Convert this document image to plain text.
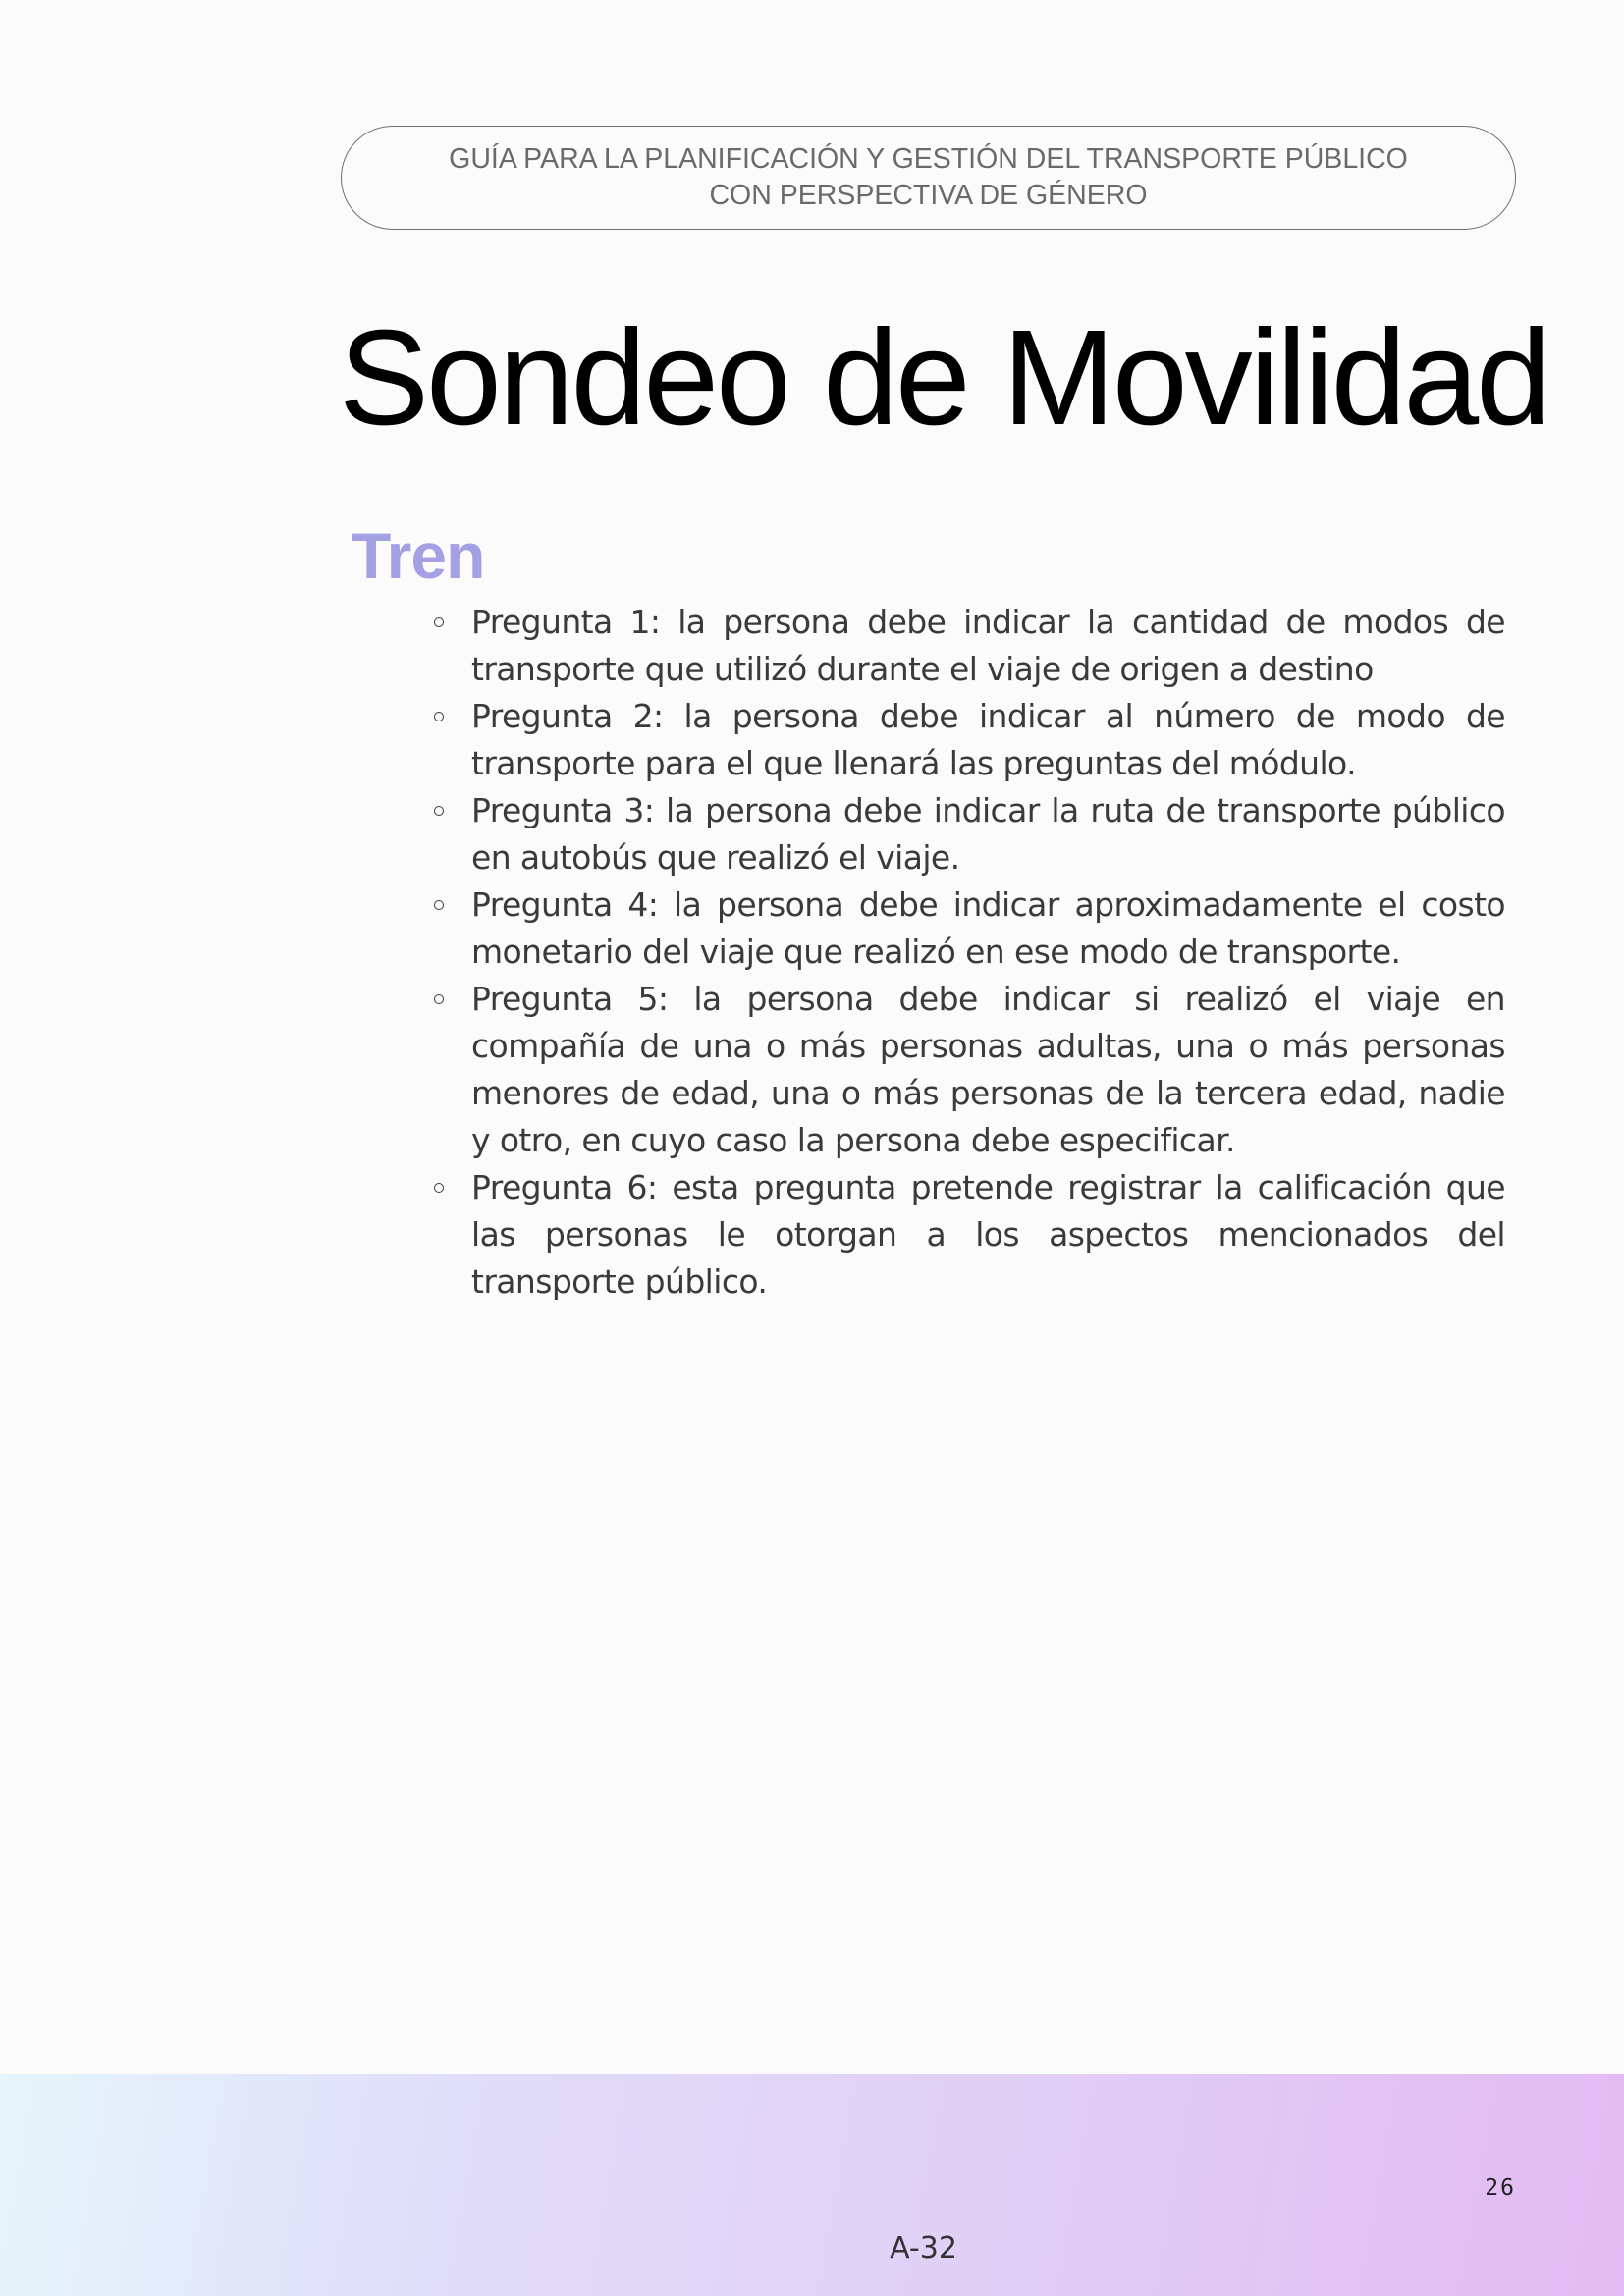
GUÍA PARA LA PLANIFICACIÓN Y GESTIÓN DEL TRANSPORTE PÚBLICO CON PERSPECTIVA DE GÉNERO
Sondeo de Movilidad
Tren
Pregunta 1: la persona debe indicar la cantidad de modos de transporte que utilizó durante el viaje de origen a destino
Pregunta 2: la persona debe indicar al número de modo de transporte para el que llenará las preguntas del módulo.
Pregunta 3: la persona debe indicar la ruta de transporte público en autobús que realizó el viaje.
Pregunta 4: la persona debe indicar aproximadamente el costo monetario del viaje que realizó en ese modo de transporte.
Pregunta 5: la persona debe indicar si realizó el viaje en compañía de una o más personas adultas, una o más personas menores de edad, una o más personas de la tercera edad, nadie y otro, en cuyo caso la persona debe especificar.
Pregunta 6: esta pregunta pretende registrar la calificación que las personas le otorgan a los aspectos mencionados del transporte público.
26
A-32
